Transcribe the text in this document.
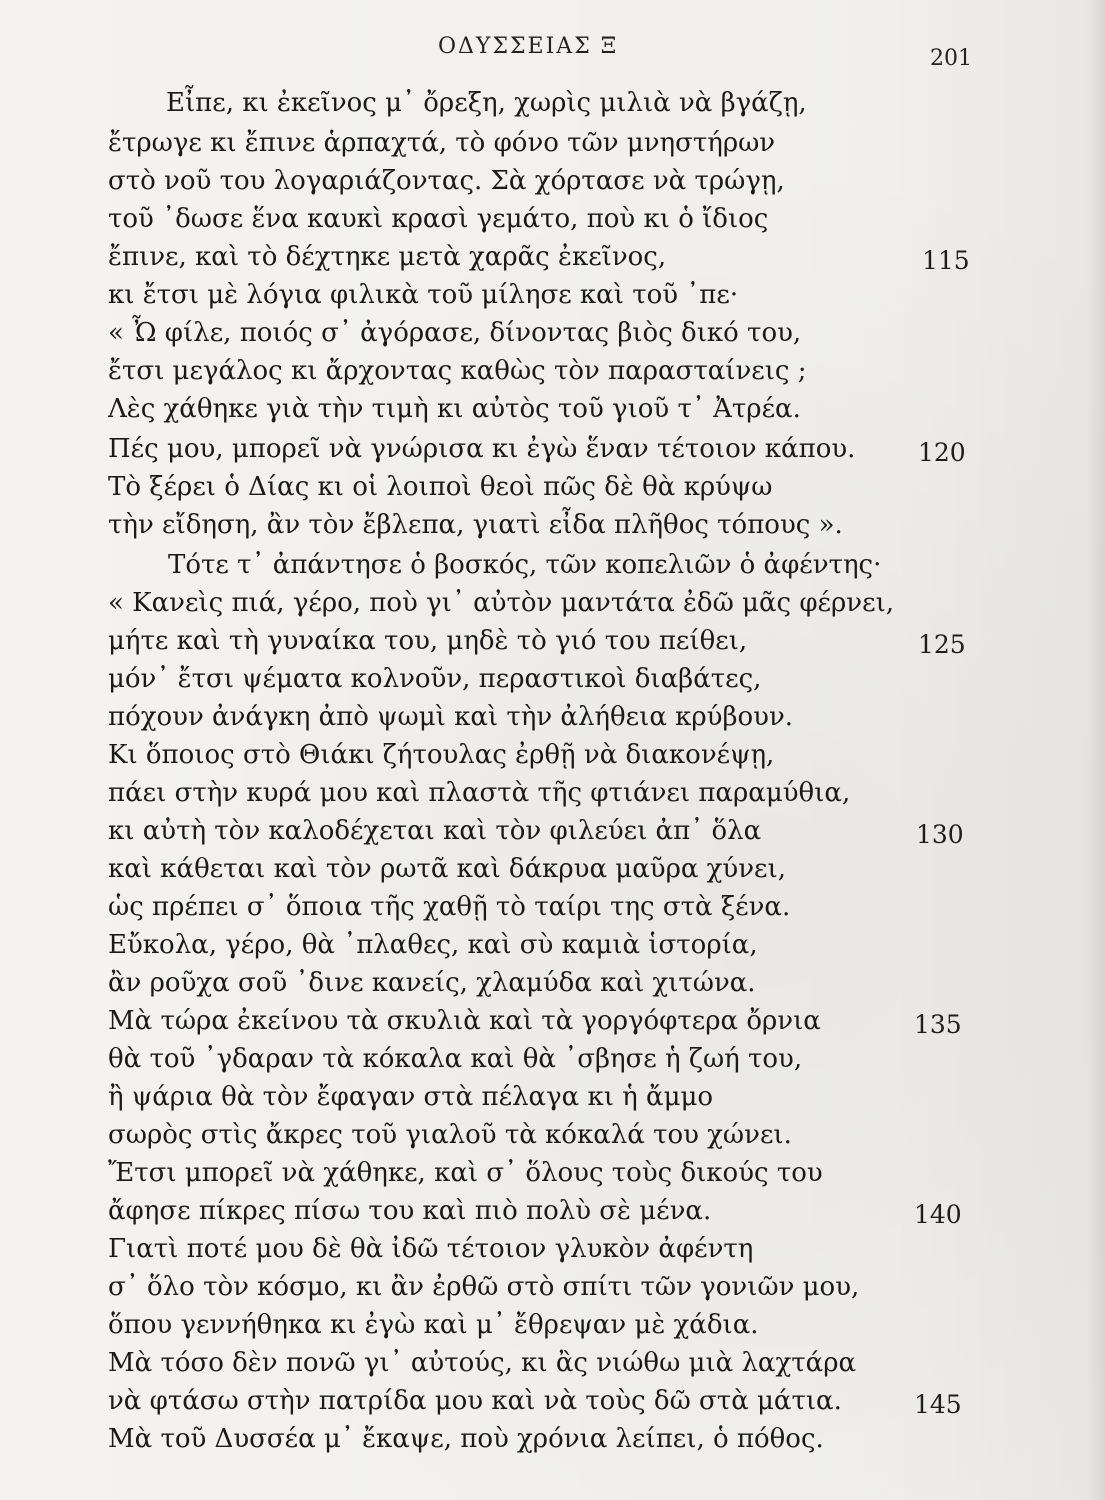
ΟΔΥΣΣΕΙΑΣ Ξ	201
Εἶπε, κι ἐκεῖνος μ᾽ ὄρεξη, χωρὶς μιλιὰ νὰ βγάζῃ,
ἔτρωγε κι ἔπινε ἁρπαχτά, τὸ φόνο τῶν μνηστήρων
στὸ νοῦ του λογαριάζοντας. Σὰ χόρτασε νὰ τρώγῃ,
τοῦ ᾽δωσε ἕνα καυκὶ κρασὶ γεμάτο, ποὺ κι ὁ ἴδιος
ἔπινε, καὶ τὸ δέχτηκε μετὰ χαρᾶς ἐκεῖνος,
κι ἔτσι μὲ λόγια φιλικὰ τοῦ μίλησε καὶ τοῦ ᾽πε·
« Ὦ φίλε, ποιός σ᾽ ἀγόρασε, δίνοντας βιὸς δικό του,
ἔτσι μεγάλος κι ἄρχοντας καθὼς τὸν παρασταίνεις ;
Λὲς χάθηκε γιὰ τὴν τιμὴ κι αὐτὸς τοῦ γιοῦ τ᾽ Ἀτρέα.
Πές μου, μπορεῖ νὰ γνώρισα κι ἐγὼ ἕναν τέτοιον κάπου.
Τὸ ξέρει ὁ Δίας κι οἱ λοιποὶ θεοὶ πῶς δὲ θὰ κρύψω
τὴν εἴδηση, ἂν τὸν ἔβλεπα, γιατὶ εἶδα πλῆθος τόπους ».
Τότε τ᾽ ἀπάντησε ὁ βοσκός, τῶν κοπελιῶν ὁ ἀφέντης·
« Κανεὶς πιά, γέρο, ποὺ γι᾽ αὐτὸν μαντάτα ἐδῶ μᾶς φέρνει,
μήτε καὶ τὴ γυναίκα του, μηδὲ τὸ γιό του πείθει,
μόν᾽ ἔτσι ψέματα κολνοῦν, περαστικοὶ διαβάτες,
πόχουν ἀνάγκη ἀπὸ ψωμὶ καὶ τὴν ἀλήθεια κρύβουν.
Κι ὅποιος στὸ Θιάκι ζήτουλας ἐρθῇ νὰ διακονέψῃ,
πάει στὴν κυρά μου καὶ πλαστὰ τῆς φτιάνει παραμύθια,
κι αὐτὴ τὸν καλοδέχεται καὶ τὸν φιλεύει ἀπ᾽ ὅλα
καὶ κάθεται καὶ τὸν ρωτᾶ καὶ δάκρυα μαῦρα χύνει,
ὡς πρέπει σ᾽ ὅποια τῆς χαθῇ τὸ ταίρι της στὰ ξένα.
Εὔκολα, γέρο, θὰ ᾽πλαθες, καὶ σὺ καμιὰ ἱστορία,
ἂν ροῦχα σοῦ ᾽δινε κανείς, χλαμύδα καὶ χιτώνα.
Μὰ τώρα ἐκείνου τὰ σκυλιὰ καὶ τὰ γοργόφτερα ὄρνια
θὰ τοῦ ᾽γδαραν τὰ κόκαλα καὶ θὰ ᾽σβησε ἡ ζωή του,
ἢ ψάρια θὰ τὸν ἔφαγαν στὰ πέλαγα κι ἡ ἄμμο
σωρὸς στὶς ἄκρες τοῦ γιαλοῦ τὰ κόκαλά του χώνει.
Ἔτσι μπορεῖ νὰ χάθηκε, καὶ σ᾽ ὅλους τοὺς δικούς του
ἄφησε πίκρες πίσω του καὶ πιὸ πολὺ σὲ μένα.
Γιατὶ ποτέ μου δὲ θὰ ἰδῶ τέτοιον γλυκὸν ἀφέντη
σ᾽ ὅλο τὸν κόσμο, κι ἂν ἐρθῶ στὸ σπίτι τῶν γονιῶν μου,
ὅπου γεννήθηκα κι ἐγὼ καὶ μ᾽ ἔθρεψαν μὲ χάδια.
Μὰ τόσο δὲν πονῶ γι᾽ αὐτούς, κι ἂς νιώθω μιὰ λαχτάρα
νὰ φτάσω στὴν πατρίδα μου καὶ νὰ τοὺς δῶ στὰ μάτια.
Μὰ τοῦ Δυσσέα μ᾽ ἔκαψε, ποὺ χρόνια λείπει, ὁ πόθος.
115
120
125
130
135
140
145
